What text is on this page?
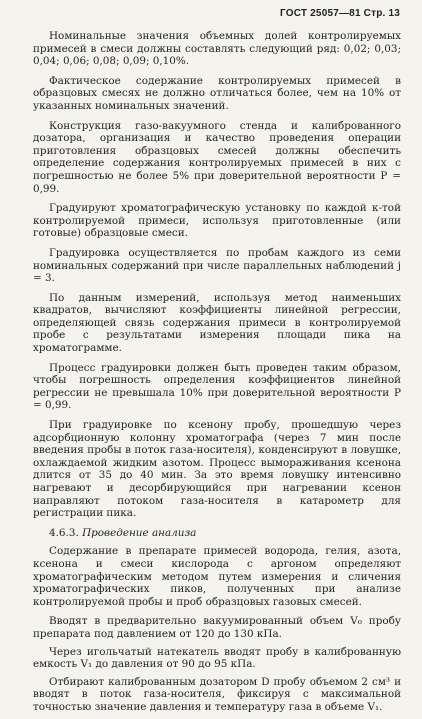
ГОСТ 25057—81 Стр. 13

Номинальные значения объемных долей контролируемых примесей в смеси должны составлять следующий ряд: 0,02; 0,03; 0,04; 0,06; 0,08; 0,09; 0,10%.

Фактическое содержание контролируемых примесей в образцовых смесях не должно отличаться более, чем на 10% от указанных номинальных значений.

Конструкция газо-вакуумного стенда и калиброванного дозатора, организация и качество проведения операции приготовления образцовых смесей должны обеспечить определение содержания контролируемых примесей в них с погрешностью не более 5% при доверительной вероятности P = 0,99.

Градуируют хроматографическую установку по каждой к-той контролируемой примеси, используя приготовленные (или готовые) образцовые смеси.

Градуировка осуществляется по пробам каждого из семи номинальных содержаний при числе параллельных наблюдений j = 3.

По данным измерений, используя метод наименьших квадратов, вычисляют коэффициенты линейной регрессии, определяющей связь содержания примеси в контролируемой пробе с результатами измерения площади пика на хроматограмме.

Процесс градуировки должен быть проведен таким образом, чтобы погрешность определения коэффициентов линейной регрессии не превышала 10% при доверительной вероятности P = 0,99.

При градуировке по ксенону пробу, прошедшую через адсорбционную колонну хроматографа (через 7 мин после введения пробы в поток газа-носителя), конденсируют в ловушке, охлаждаемой жидким азотом. Процесс вымораживания ксенона длится от 35 до 40 мин. За это время ловушку интенсивно нагревают и десорбирующийся при нагревании ксенон направляют потоком газа-носителя в катарометр для регистрации пика.

4.6.3. Проведение анализа

Содержание в препарате примесей водорода, гелия, азота, ксенона и смеси кислорода с аргоном определяют хроматографическим методом путем измерения и сличения хроматографических пиков, полученных при анализе контролируемой пробы и проб образцовых газовых смесей.

Вводят в предварительно вакуумированный объем V₀ пробу препарата под давлением от 120 до 130 кПа.

Через игольчатый натекатель вводят пробу в калиброванную емкость V₁ до давления от 90 до 95 кПа.

Отбирают калиброванным дозатором D пробу объемом 2 см³ и вводят в поток газа-носителя, фиксируя с максимальной точностью значение давления и температуру газа в объеме V₁.
